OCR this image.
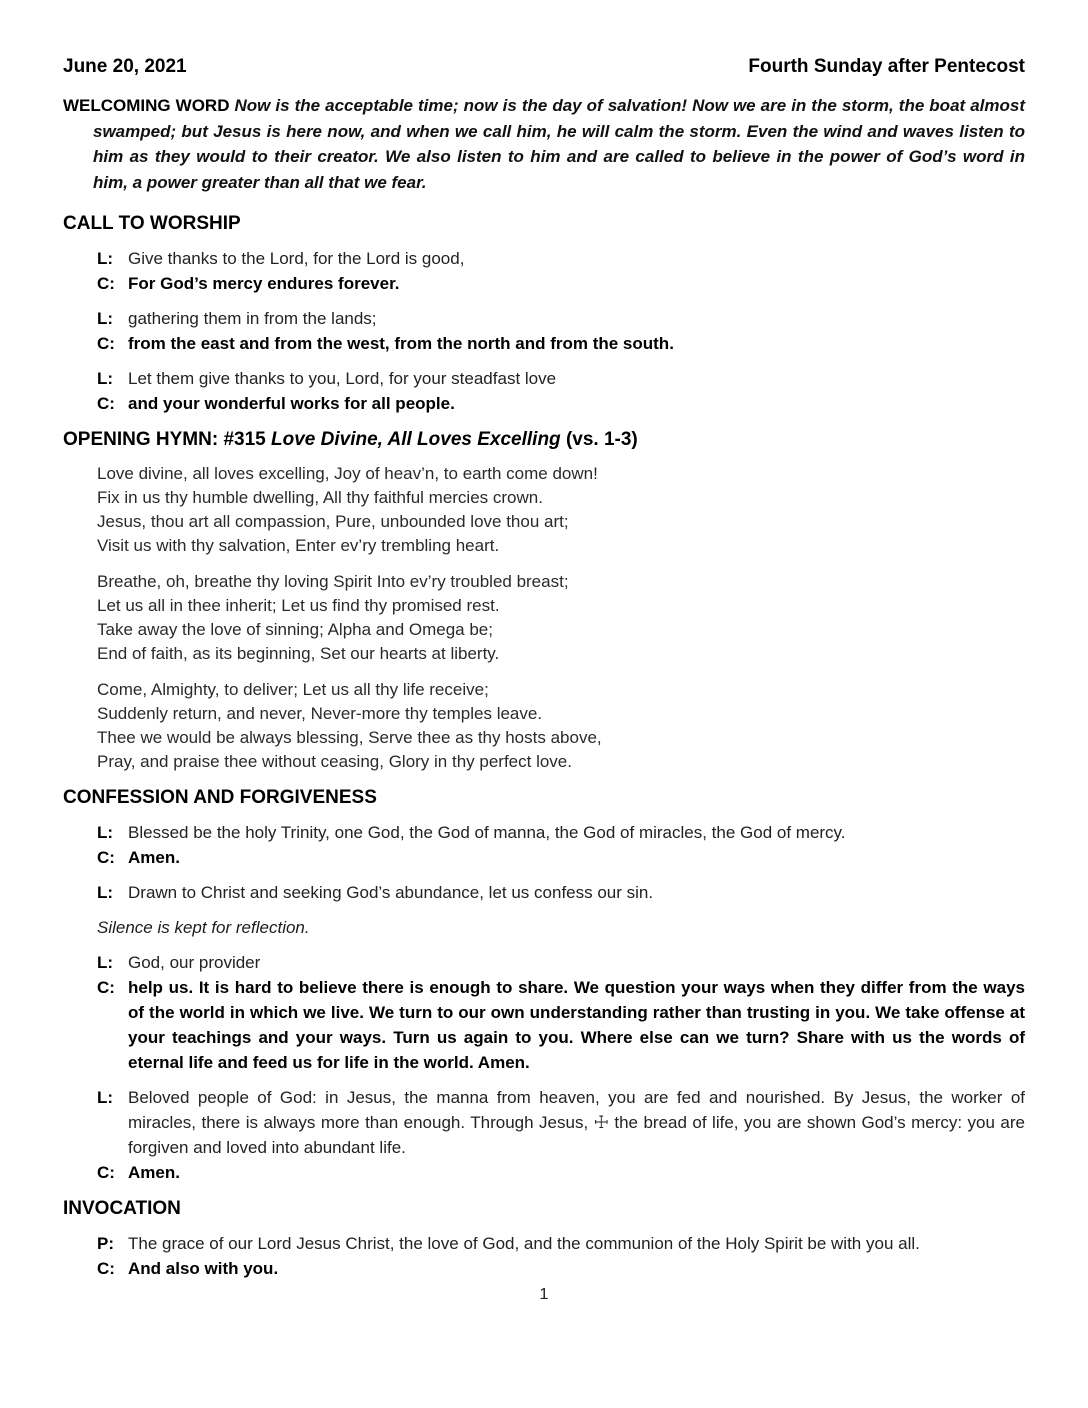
June 20, 2021	Fourth Sunday after Pentecost

WELCOMING WORD Now is the acceptable time; now is the day of salvation! Now we are in the storm, the boat almost swamped; but Jesus is here now, and when we call him, he will calm the storm. Even the wind and waves listen to him as they would to their creator. We also listen to him and are called to believe in the power of God’s word in him, a power greater than all that we fear.

CALL TO WORSHIP
L: Give thanks to the Lord, for the Lord is good,
C: For God’s mercy endures forever.
L: gathering them in from the lands;
C: from the east and from the west, from the north and from the south.
L: Let them give thanks to you, Lord, for your steadfast love
C: and your wonderful works for all people.
OPENING HYMN: #315 Love Divine, All Loves Excelling (vs. 1-3)
Love divine, all loves excelling, Joy of heav’n, to earth come down!
Fix in us thy humble dwelling, All thy faithful mercies crown.
Jesus, thou art all compassion, Pure, unbounded love thou art;
Visit us with thy salvation, Enter ev’ry trembling heart.
Breathe, oh, breathe thy loving Spirit Into ev’ry troubled breast;
Let us all in thee inherit; Let us find thy promised rest.
Take away the love of sinning; Alpha and Omega be;
End of faith, as its beginning, Set our hearts at liberty.
Come, Almighty, to deliver; Let us all thy life receive;
Suddenly return, and never, Never-more thy temples leave.
Thee we would be always blessing, Serve thee as thy hosts above,
Pray, and praise thee without ceasing, Glory in thy perfect love.
CONFESSION AND FORGIVENESS
L: Blessed be the holy Trinity, one God, the God of manna, the God of miracles, the God of mercy.
C: Amen.
L: Drawn to Christ and seeking God’s abundance, let us confess our sin.
Silence is kept for reflection.
L: God, our provider
C: help us. It is hard to believe there is enough to share. We question your ways when they differ from the ways of the world in which we live. We turn to our own understanding rather than trusting in you. We take offense at your teachings and your ways. Turn us again to you. Where else can we turn? Share with us the words of eternal life and feed us for life in the world. Amen.
L: Beloved people of God: in Jesus, the manna from heaven, you are fed and nourished. By Jesus, the worker of miracles, there is always more than enough. Through Jesus, ☩ the bread of life, you are shown God’s mercy: you are forgiven and loved into abundant life.
C: Amen.
INVOCATION
P: The grace of our Lord Jesus Christ, the love of God, and the communion of the Holy Spirit be with you all.
C: And also with you.
1
